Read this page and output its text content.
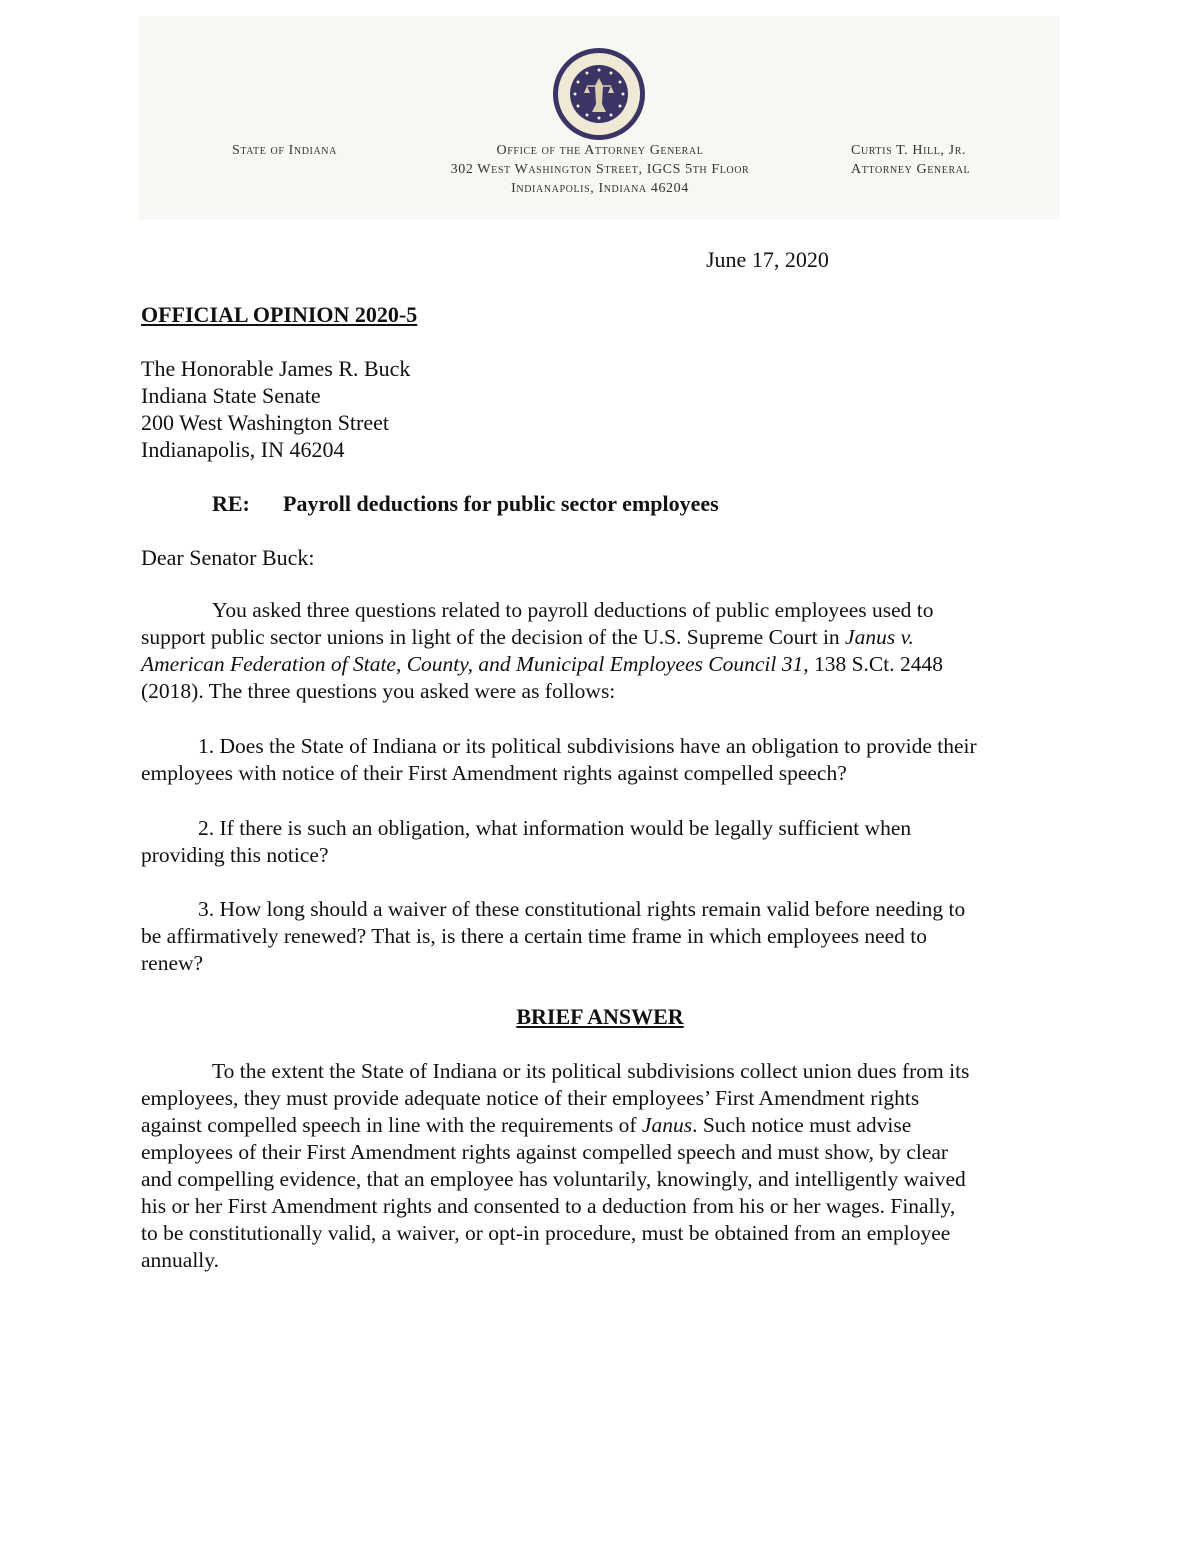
State of Indiana	Office of the Attorney General
302 West Washington Street, IGCS 5th Floor
Indianapolis, Indiana 46204
Curtis T. Hill, Jr.
Attorney General
June 17, 2020
OFFICIAL OPINION 2020-5
The Honorable James R. Buck
Indiana State Senate
200 West Washington Street
Indianapolis, IN 46204
RE: Payroll deductions for public sector employees
Dear Senator Buck:
You asked three questions related to payroll deductions of public employees used to
support public sector unions in light of the decision of the U.S. Supreme Court in Janus v.
American Federation of State, County, and Municipal Employees Council 31, 138 S.Ct. 2448
(2018). The three questions you asked were as follows:
1. Does the State of Indiana or its political subdivisions have an obligation to provide their
employees with notice of their First Amendment rights against compelled speech?
2. If there is such an obligation, what information would be legally sufficient when
providing this notice?
3. How long should a waiver of these constitutional rights remain valid before needing to
be affirmatively renewed? That is, is there a certain time frame in which employees need to
renew?
BRIEF ANSWER
To the extent the State of Indiana or its political subdivisions collect union dues from its
employees, they must provide adequate notice of their employees’ First Amendment rights
against compelled speech in line with the requirements of Janus. Such notice must advise
employees of their First Amendment rights against compelled speech and must show, by clear
and compelling evidence, that an employee has voluntarily, knowingly, and intelligently waived
his or her First Amendment rights and consented to a deduction from his or her wages. Finally,
to be constitutionally valid, a waiver, or opt-in procedure, must be obtained from an employee
annually.
